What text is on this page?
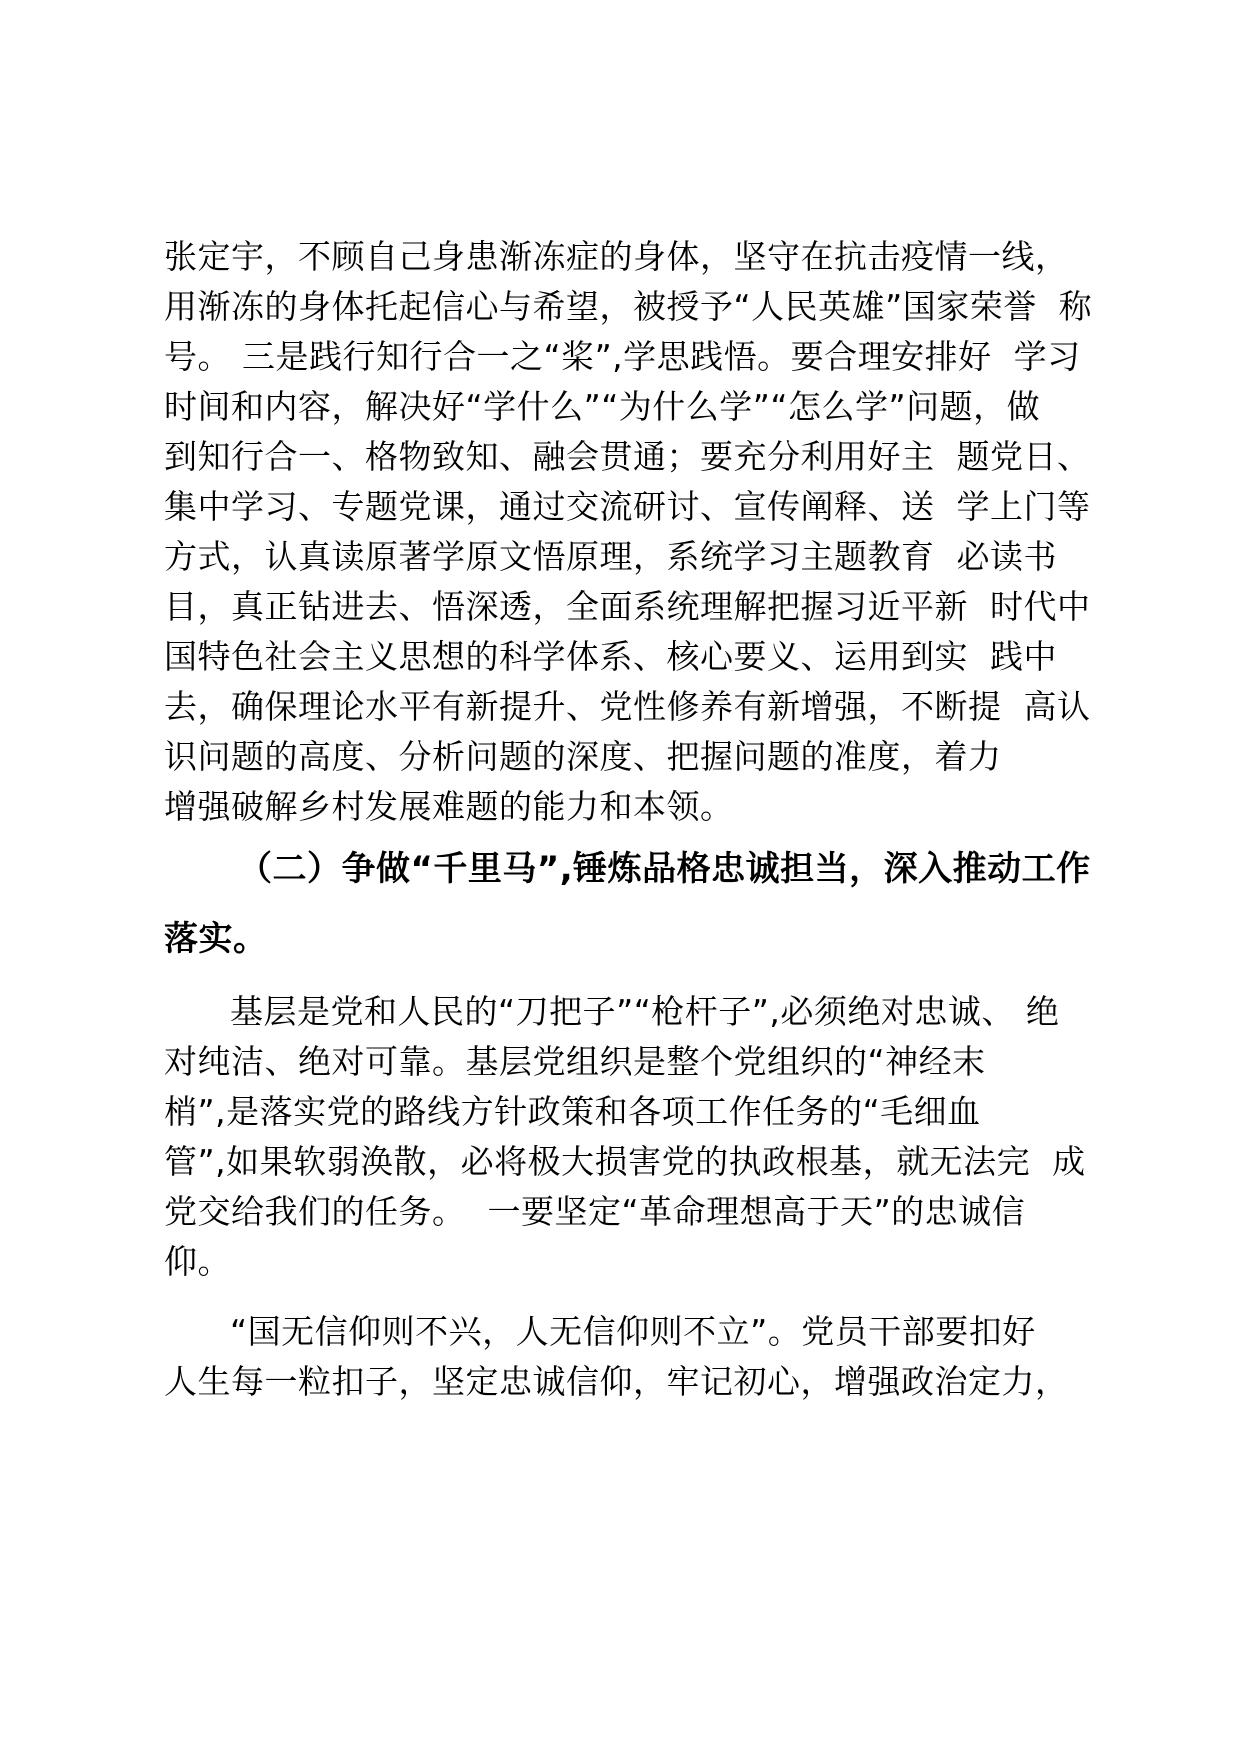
张定宇，不顾自己身患渐冻症的身体，坚守在抗击疫情一线，
用渐冻的身体托起信心与希望，被授予“人民英雄”国家荣誉  称
号。 三是践行知行合一之“桨”,学思践悟。要合理安排好  学习
时间和内容，解决好“学什么”“为什么学”“怎么学”问题，做
到知行合一、格物致知、融会贯通；要充分利用好主  题党日、
集中学习、专题党课，通过交流研讨、宣传阐释、送  学上门等
方式，认真读原著学原文悟原理，系统学习主题教育  必读书
目，真正钻进去、悟深透，全面系统理解把握习近平新  时代中
国特色社会主义思想的科学体系、核心要义、运用到实  践中
去，确保理论水平有新提升、党性修养有新增强，不断提  高认
识问题的高度、分析问题的深度、把握问题的准度，着力
增强破解乡村发展难题的能力和本领。
（二）争做“千里马”,锤炼品格忠诚担当，深入推动工作
落实。
基层是党和人民的“刀把子”“枪杆子”,必须绝对忠诚、 绝
对纯洁、绝对可靠。基层党组织是整个党组织的“神经末
梢”,是落实党的路线方针政策和各项工作任务的“毛细血
管”,如果软弱涣散，必将极大损害党的执政根基，就无法完  成
党交给我们的任务。  一要坚定“革命理想高于天”的忠诚信
仰。
“国无信仰则不兴，人无信仰则不立”。党员干部要扣好
人生每一粒扣子，坚定忠诚信仰，牢记初心，增强政治定力，
